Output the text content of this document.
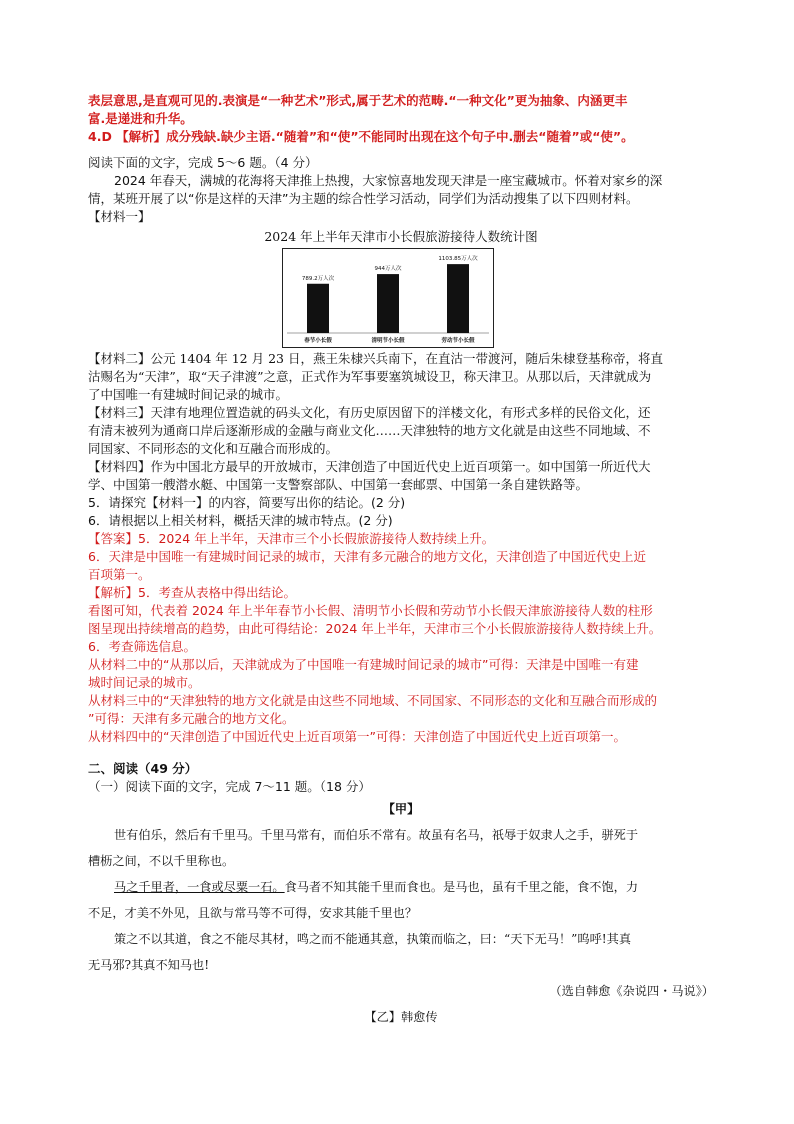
表层意思,是直观可见的.表演是“一种艺术”形式,属于艺术的范畴.“一种文化”更为抽象、内涵更丰
富.是递进和升华。
4.D 【解析】成分残缺.缺少主语.“随着”和“使”不能同时出现在这个句子中.删去“随着”或“使”。
阅读下面的文字，完成 5～6 题。（4 分）
2024 年春天，满城的花海将天津推上热搜，大家惊喜地发现天津是一座宝藏城市。怀着对家乡的深
情，某班开展了以“你是这样的天津”为主题的综合性学习活动，同学们为活动搜集了以下四则材料。
【材料一】
2024 年上半年天津市小长假旅游接待人数统计图
789.2万人次
春节小长假
944万人次
清明节小长假
1103.85万人次
劳动节小长假
【材料二】公元 1404 年 12 月 23 日，燕王朱棣兴兵南下，在直沽一带渡河，随后朱棣登基称帝，将直
沽赐名为“天津”，取“天子津渡”之意，正式作为军事要塞筑城设卫，称天津卫。从那以后，天津就成为
了中国唯一有建城时间记录的城市。
【材料三】天津有地理位置造就的码头文化，有历史原因留下的洋楼文化，有形式多样的民俗文化，还
有清末被列为通商口岸后逐渐形成的金融与商业文化……天津独特的地方文化就是由这些不同地域、不
同国家、不同形态的文化和互融合而形成的。
【材料四】作为中国北方最早的开放城市，天津创造了中国近代史上近百项第一。如中国第一所近代大
学、中国第一艘潜水艇、中国第一支警察部队、中国第一套邮票、中国第一条自建铁路等。
5．请探究【材料一】的内容，简要写出你的结论。(2 分)
6．请根据以上相关材料，概括天津的城市特点。(2 分)
【答案】5．2024 年上半年，天津市三个小长假旅游接待人数持续上升。
6．天津是中国唯一有建城时间记录的城市，天津有多元融合的地方文化，天津创造了中国近代史上近
百项第一。
【解析】5．考查从表格中得出结论。
看图可知，代表着 2024 年上半年春节小长假、清明节小长假和劳动节小长假天津旅游接待人数的柱形
图呈现出持续增高的趋势，由此可得结论：2024 年上半年，天津市三个小长假旅游接待人数持续上升。
6．考查筛选信息。
从材料二中的“从那以后，天津就成为了中国唯一有建城时间记录的城市”可得：天津是中国唯一有建
城时间记录的城市。
从材料三中的“天津独特的地方文化就是由这些不同地域、不同国家、不同形态的文化和互融合而形成的
”可得：天津有多元融合的地方文化。
从材料四中的“天津创造了中国近代史上近百项第一”可得：天津创造了中国近代史上近百项第一。
二、阅读（49 分）
（一）阅读下面的文字，完成 7～11 题。（18 分）
【甲】
世有伯乐，然后有千里马。千里马常有，而伯乐不常有。故虽有名马，祇辱于奴隶人之手，骈死于
槽枥之间，不以千里称也。
马之千里者，一食或尽粟一石。食马者不知其能千里而食也。是马也，虽有千里之能，食不饱，力
不足，才美不外见，且欲与常马等不可得，安求其能千里也？
策之不以其道，食之不能尽其材，鸣之而不能通其意，执策而临之，曰：“天下无马！”呜呼!其真
无马邪?其真不知马也!
（选自韩愈《杂说四・马说》）
【乙】韩愈传
